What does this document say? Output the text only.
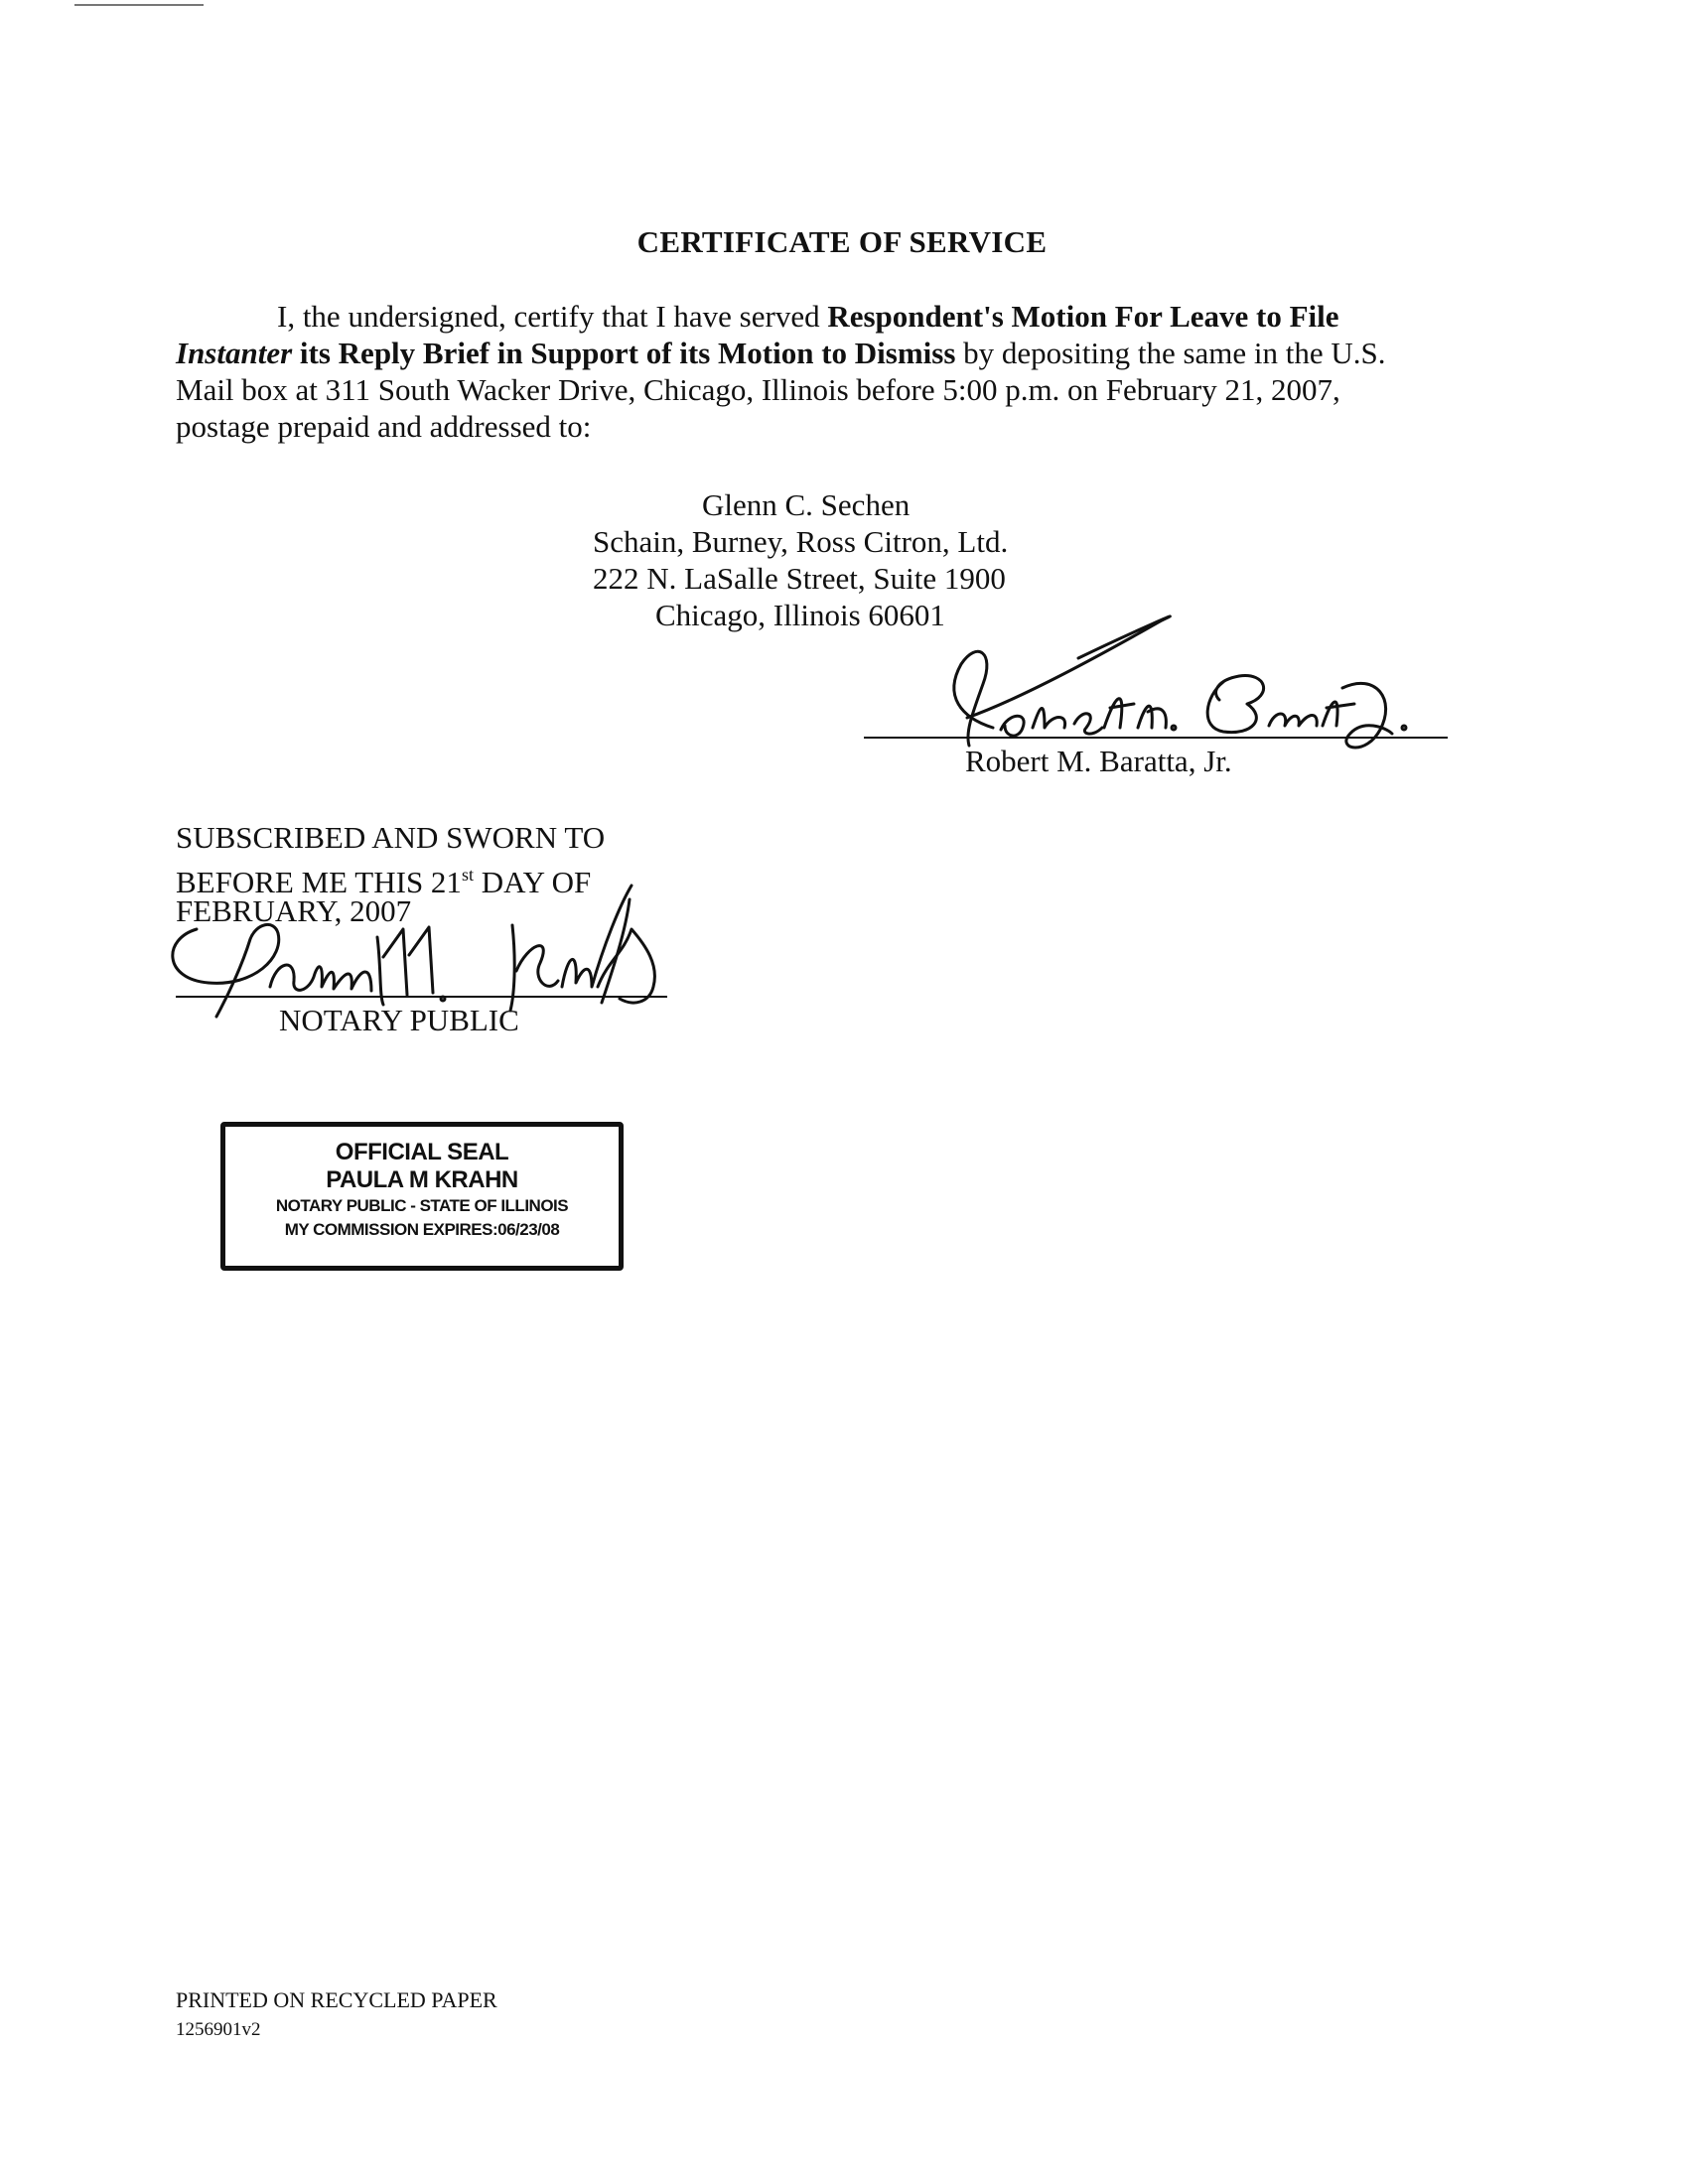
CERTIFICATE OF SERVICE

I, the undersigned, certify that I have served Respondent's Motion For Leave to File Instanter its Reply Brief in Support of its Motion to Dismiss by depositing the same in the U.S. Mail box at 311 South Wacker Drive, Chicago, Illinois before 5:00 p.m. on February 21, 2007, postage prepaid and addressed to:

Glenn C. Sechen
Schain, Burney, Ross Citron, Ltd.
222 N. LaSalle Street, Suite 1900
Chicago, Illinois 60601
Robert M. Baratta, Jr.
SUBSCRIBED AND SWORN TO
BEFORE ME THIS 21st DAY OF
FEBRUARY, 2007
NOTARY PUBLIC
OFFICIAL SEAL
PAULA M KRAHN
NOTARY PUBLIC - STATE OF ILLINOIS
MY COMMISSION EXPIRES:06/23/08
PRINTED ON RECYCLED PAPER
1256901v2
